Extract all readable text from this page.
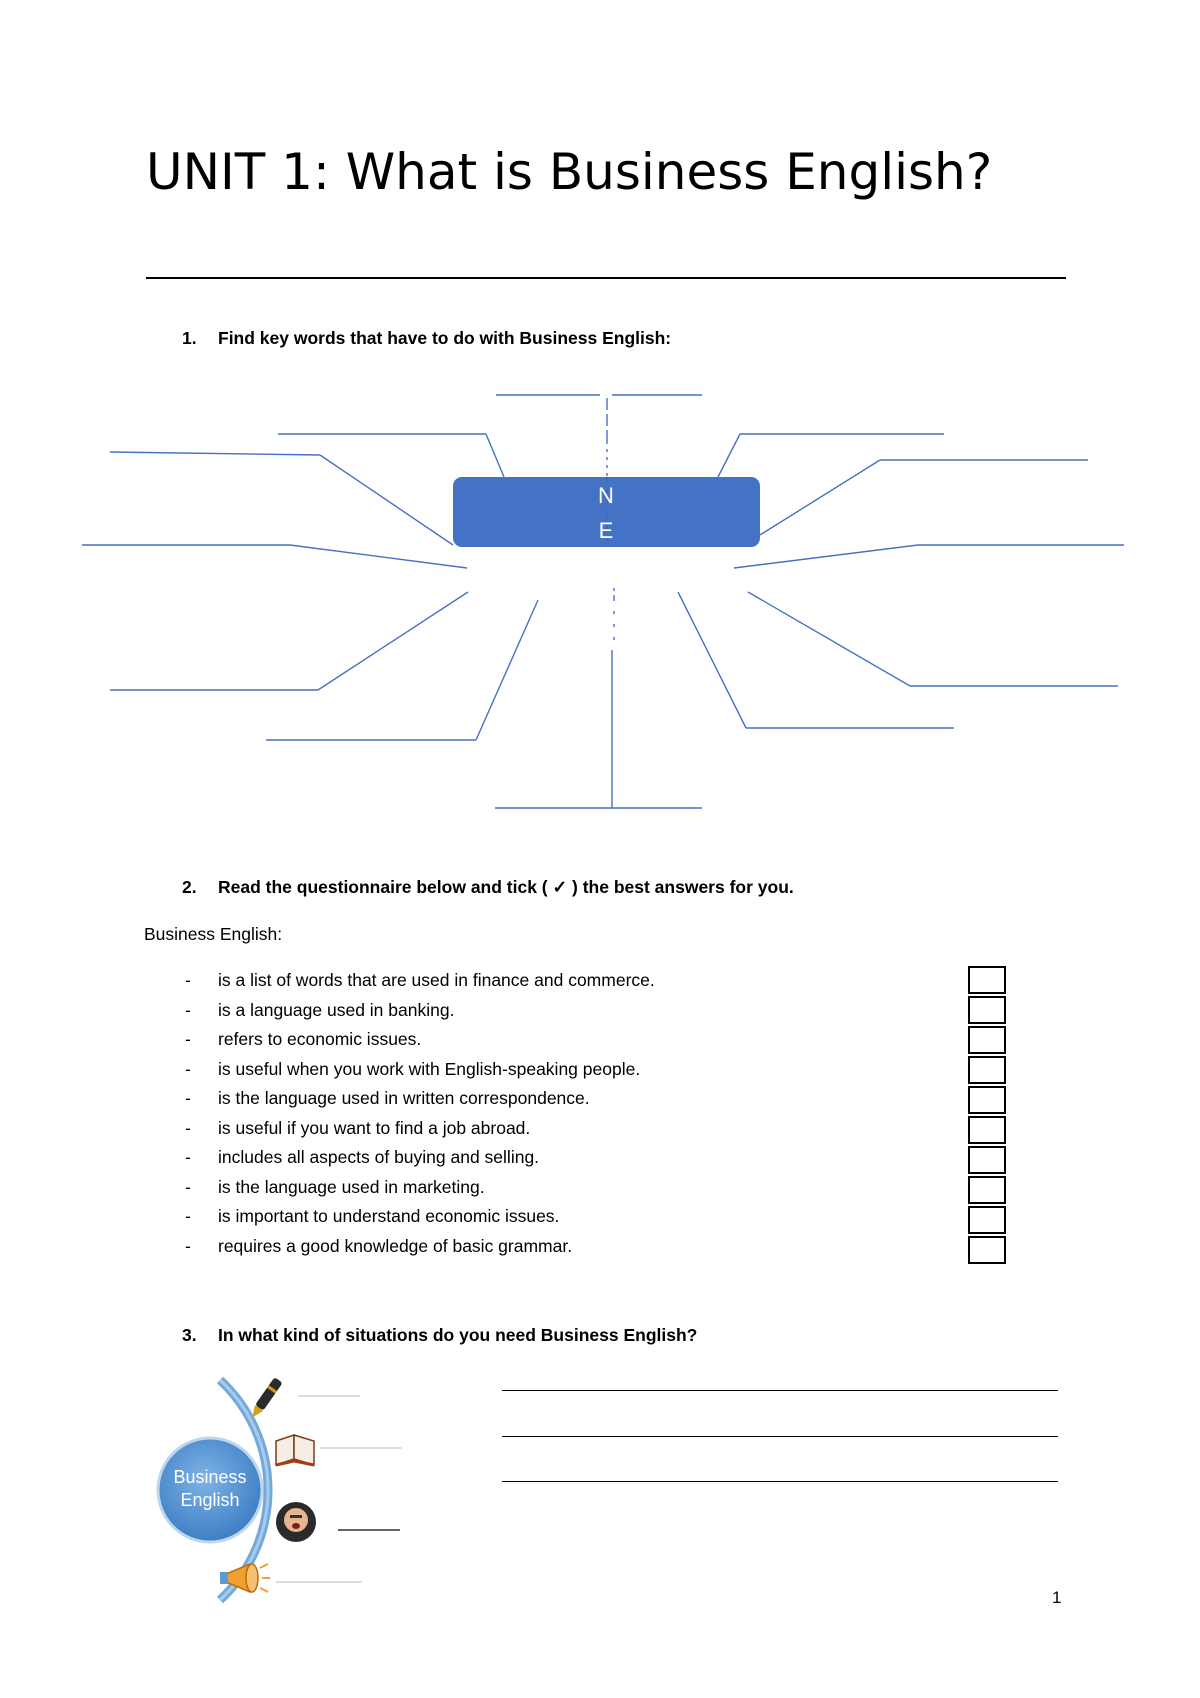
UNIT 1: What is Business English?
1. Find key words that have to do with Business English:
N
E
2. Read the questionnaire below and tick ( ✓ ) the best answers for you.
Business English:
- is a list of words that are used in finance and commerce.
- is a language used in banking.
- refers to economic issues.
- is useful when you work with English-speaking people.
- is the language used in written correspondence.
- is useful if you want to find a job abroad.
- includes all aspects of buying and selling.
- is the language used in marketing.
- is important to understand economic issues.
- requires a good knowledge of basic grammar.
3. In what kind of situations do you need Business English?
Business
English
1
